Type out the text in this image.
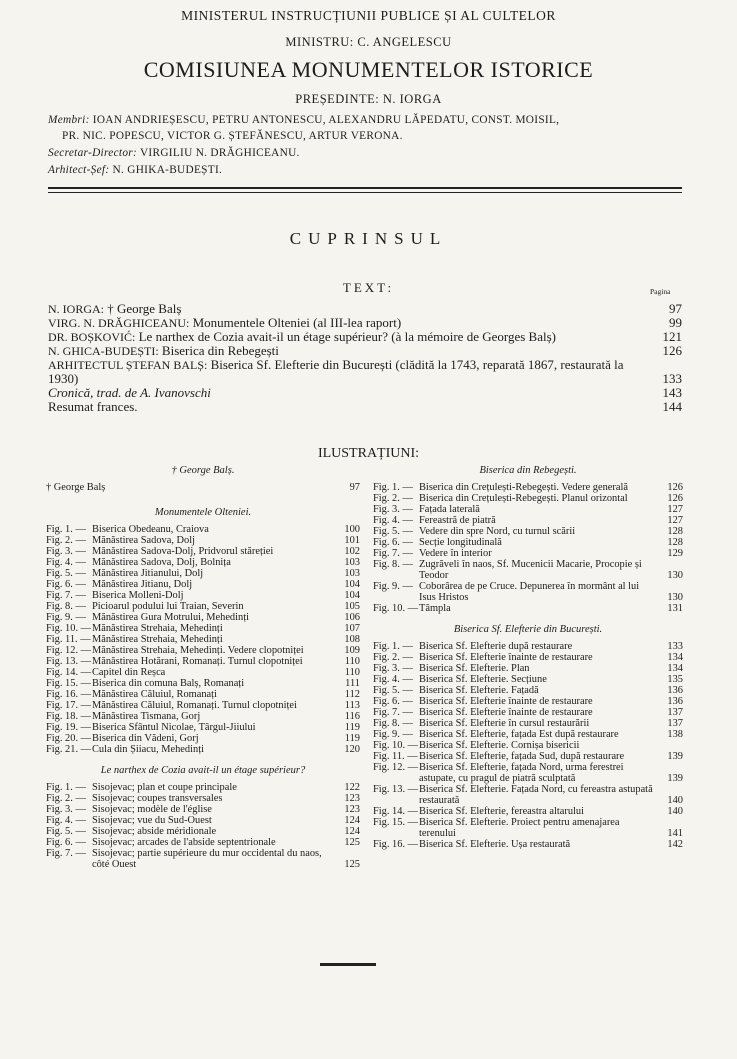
MINISTERUL INSTRUCȚIUNII PUBLICE ȘI AL CULTELOR
MINISTRU: C. ANGELESCU
COMISIUNEA MONUMENTELOR ISTORICE
PREȘEDINTE: N. IORGA
Membri: IOAN ANDRIEȘESCU, PETRU ANTONESCU, ALEXANDRU LĂPEDATU, CONST. MOISIL,
PR. NIC. POPESCU, VICTOR G. ȘTEFĂNESCU, ARTUR VERONA.
Secretar-Director: VIRGILIU N. DRĂGHICEANU.
Arhitect-Șef: N. GHIKA-BUDEȘTI.
CUPRINSUL
TEXT:	Pagina
N. IORGA: † George Balș	97
VIRG. N. DRĂGHICEANU: Monumentele Olteniei (al III-lea raport)	99
DR. BOȘKOVIĆ: Le narthex de Cozia avait-il un étage supérieur? (à la mémoire de Georges Balș)	121
N. GHICA-BUDEȘTI: Biserica din Rebegești	126
ARHITECTUL ȘTEFAN BALȘ: Biserica Sf. Elefterie din București (clădită la 1743, reparată 1867, restaurată la 1930)	133
Cronică, trad. de A. Ivanovschi	143
Resumat frances.	144
ILUSTRAȚIUNI:
† George Balș.
† George Balș	97
Monumentele Olteniei.
Fig. 1. — Biserica Obedeanu, Craiova	100
Fig. 2. — Mănăstirea Sadova, Dolj	101
Fig. 3. — Mănăstirea Sadova-Dolj, Pridvorul stăreției	102
Fig. 4. — Mănăstirea Sadova, Dolj, Bolnița	103
Fig. 5. — Mănăstirea Jitianului, Dolj	103
Fig. 6. — Mănăstirea Jitianu, Dolj	104
Fig. 7. — Biserica Molleni-Dolj	104
Fig. 8. — Picioarul podului lui Traian, Severin	105
Fig. 9. — Mănăstirea Gura Motrului, Mehedinți	106
Fig. 10. — Mănăstirea Strehaia, Mehedinți	107
Fig. 11. — Mănăstirea Strehaia, Mehedinți	108
Fig. 12. — Mănăstirea Strehaia, Mehedinți. Vedere clopotniței	109
Fig. 13. — Mănăstirea Hotărani, Romanați. Turnul clopotniței	110
Fig. 14. — Capitel din Reșca	110
Fig. 15. — Biserica din comuna Balș, Romanați	111
Fig. 16. — Mănăstirea Căluiul, Romanați	112
Fig. 17. — Mănăstirea Căluiul, Romanați. Turnul clopotniței	113
Fig. 18. — Mănăstirea Tismana, Gorj	116
Fig. 19. — Biserica Sfântul Nicolae, Târgul-Jiiului	119
Fig. 20. — Biserica din Vădeni, Gorj	119
Fig. 21. — Cula din Șiiacu, Mehedinți	120
Le narthex de Cozia avait-il un étage supérieur?
Fig. 1. — Sisojevac; plan et coupe principale	122
Fig. 2. — Sisojevac; coupes transversales	123
Fig. 3. — Sisojevac; modèle de l'église	123
Fig. 4. — Sisojevac; vue du Sud-Ouest	124
Fig. 5. — Sisojevac; abside méridionale	124
Fig. 6. — Sisojevac; arcades de l'abside septentrionale	125
Fig. 7. — Sisojevac; partie supérieure du mur occidental du naos, côté Ouest	125
Biserica din Rebegești.
Fig. 1. — Biserica din Crețulești-Rebegești. Vedere generală	126
Fig. 2. — Biserica din Crețulești-Rebegești. Planul orizontal	126
Fig. 3. — Fațada laterală	127
Fig. 4. — Fereastră de piatră	127
Fig. 5. — Vedere din spre Nord, cu turnul scării	128
Fig. 6. — Secție longitudinală	128
Fig. 7. — Vedere în interior	129
Fig. 8. — Zugrăveli în naos, Sf. Mucenicii Macarie, Procopie și Teodor	130
Fig. 9. — Coborârea de pe Cruce. Depunerea în mormânt al lui Isus Hristos	130
Fig. 10. — Tâmpla	131
Biserica Sf. Elefterie din București.
Fig. 1. — Biserica Sf. Elefterie după restaurare	133
Fig. 2. — Biserica Sf. Elefterie înainte de restaurare	134
Fig. 3. — Biserica Sf. Elefterie. Plan	134
Fig. 4. — Biserica Sf. Elefterie. Secțiune	135
Fig. 5. — Biserica Sf. Elefterie. Fațadă	136
Fig. 6. — Biserica Sf. Elefterie înainte de restaurare	136
Fig. 7. — Biserica Sf. Elefterie înainte de restaurare	137
Fig. 8. — Biserica Sf. Elefterie în cursul restaurării	137
Fig. 9. — Biserica Sf. Elefterie, fațada Est după restaurare	138
Fig. 10. — Biserica Sf. Elefterie. Cornișa bisericii
Fig. 11. — Biserica Sf. Elefterie, fațada Sud, după restaurare	139
Fig. 12. — Biserica Sf. Elefterie, fațada Nord, urma ferestrei astupate, cu pragul de piatră sculptată	139
Fig. 13. — Biserica Sf. Elefterie. Fațada Nord, cu fereastra astupată restaurată	140
Fig. 14. — Biserica Sf. Elefterie, fereastra altarului	140
Fig. 15. — Biserica Sf. Elefterie. Proiect pentru amenajarea terenului	141
Fig. 16. — Biserica Sf. Elefterie. Ușa restaurată	142
